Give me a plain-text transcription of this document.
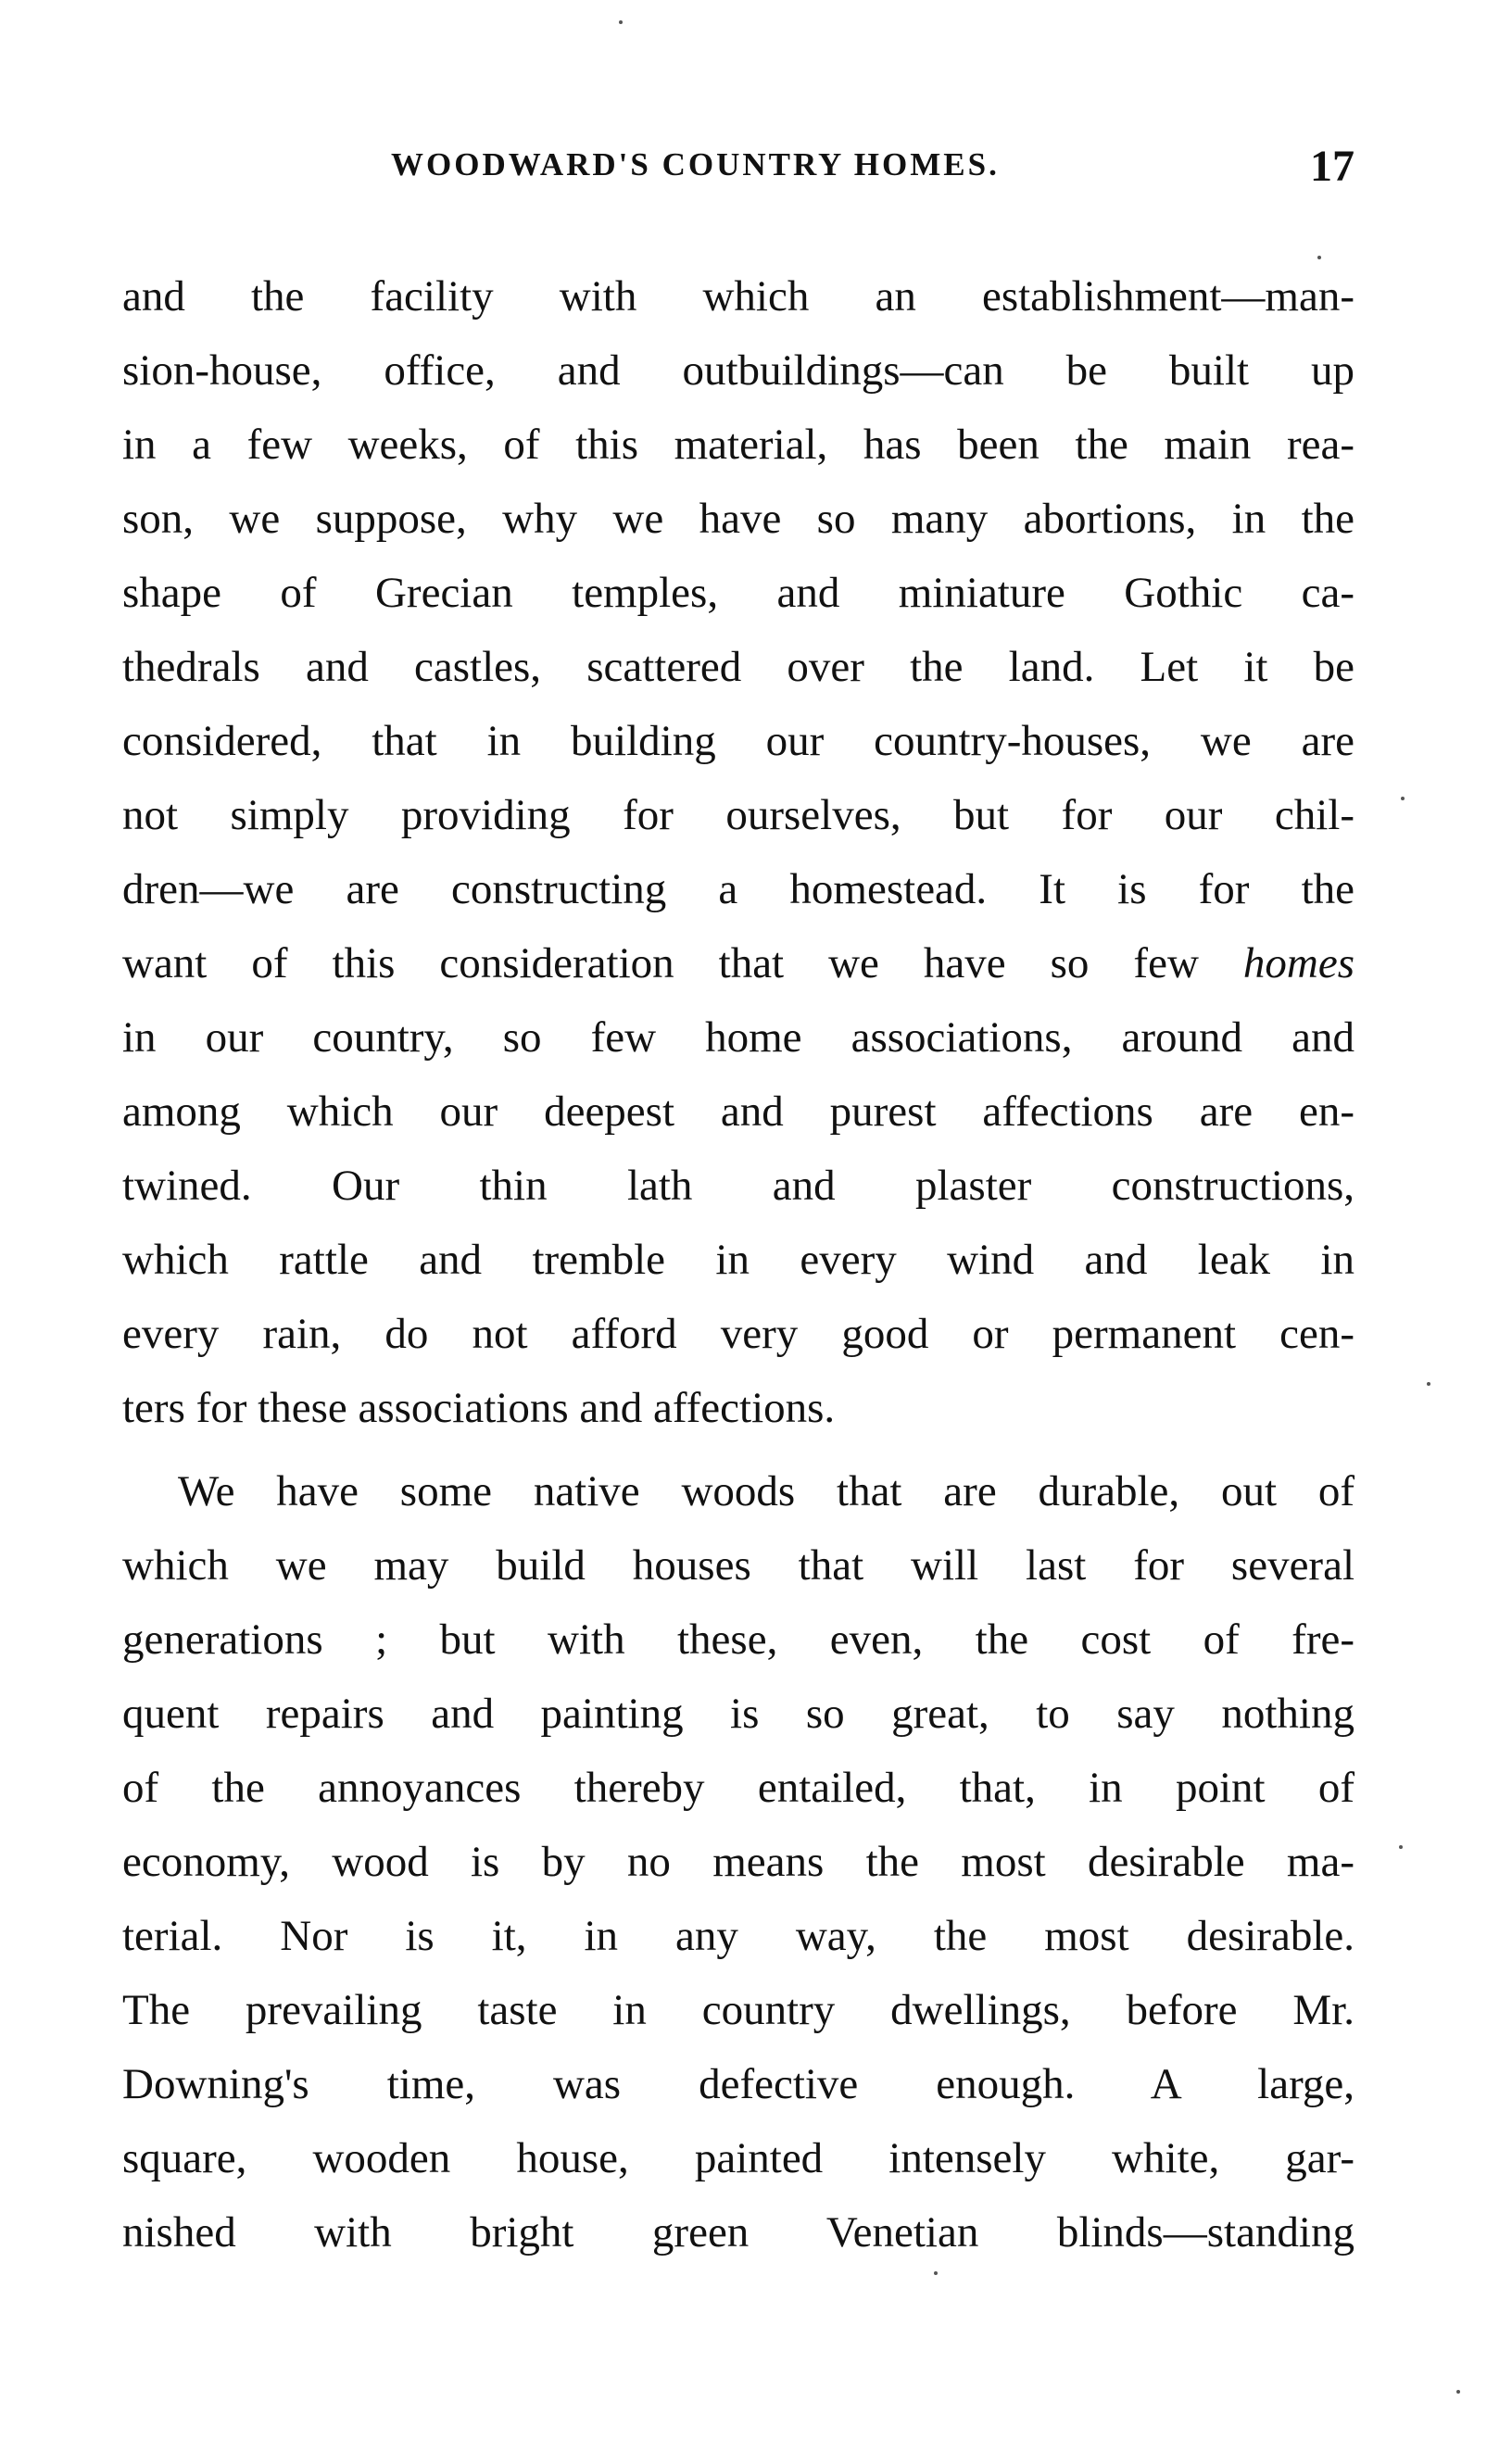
WOODWARD'S COUNTRY HOMES.	17
and the facility with which an establishment—man-
sion-house, office, and outbuildings—can be built up
in a few weeks, of this material, has been the main rea-
son, we suppose, why we have so many abortions, in the
shape of Grecian temples, and miniature Gothic ca-
thedrals and castles, scattered over the land. Let it be
considered, that in building our country-houses, we are
not simply providing for ourselves, but for our chil-
dren—we are constructing a homestead. It is for the
want of this consideration that we have so few homes
in our country, so few home associations, around and
among which our deepest and purest affections are en-
twined. Our thin lath and plaster constructions,
which rattle and tremble in every wind and leak in
every rain, do not afford very good or permanent cen-
ters for these associations and affections.
We have some native woods that are durable, out of
which we may build houses that will last for several
generations ; but with these, even, the cost of fre-
quent repairs and painting is so great, to say nothing
of the annoyances thereby entailed, that, in point of
economy, wood is by no means the most desirable ma-
terial. Nor is it, in any way, the most desirable.
The prevailing taste in country dwellings, before Mr.
Downing's time, was defective enough. A large,
square, wooden house, painted intensely white, gar-
nished with bright green Venetian blinds—standing
